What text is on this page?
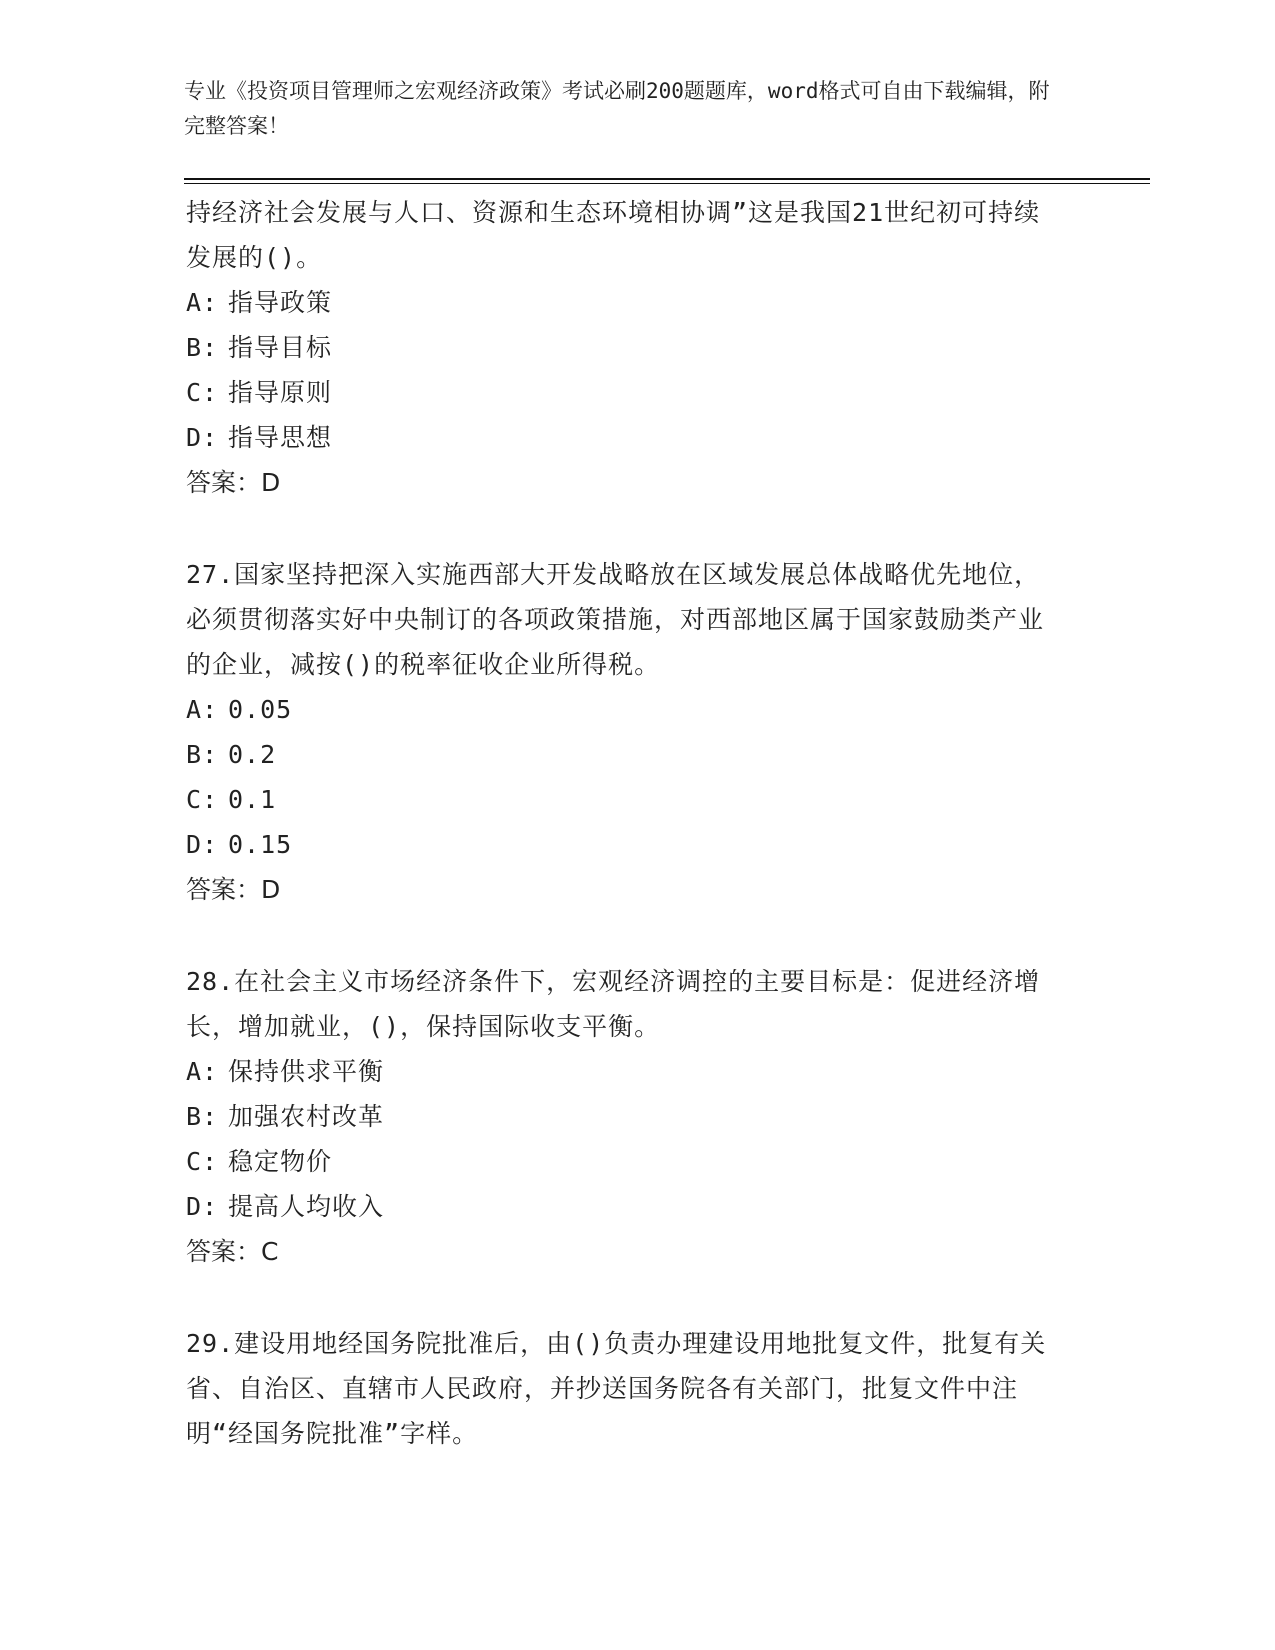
专业《投资项目管理师之宏观经济政策》考试必刷200题题库，word格式可自由下载编辑，附完整答案！

持经济社会发展与人口、资源和生态环境相协调”这是我国21世纪初可持续发展的()。

A: 指导政策

B: 指导目标

C: 指导原则

D: 指导思想

答案：D

27.国家坚持把深入实施西部大开发战略放在区域发展总体战略优先地位，必须贯彻落实好中央制订的各项政策措施，对西部地区属于国家鼓励类产业的企业，减按()的税率征收企业所得税。

A: 0.05

B: 0.2

C: 0.1

D: 0.15

答案：D

28.在社会主义市场经济条件下，宏观经济调控的主要目标是：促进经济增长，增加就业，()，保持国际收支平衡。

A: 保持供求平衡

B: 加强农村改革

C: 稳定物价

D: 提高人均收入

答案：C

29.建设用地经国务院批准后，由()负责办理建设用地批复文件，批复有关省、自治区、直辖市人民政府，并抄送国务院各有关部门，批复文件中注明“经国务院批准”字样。
